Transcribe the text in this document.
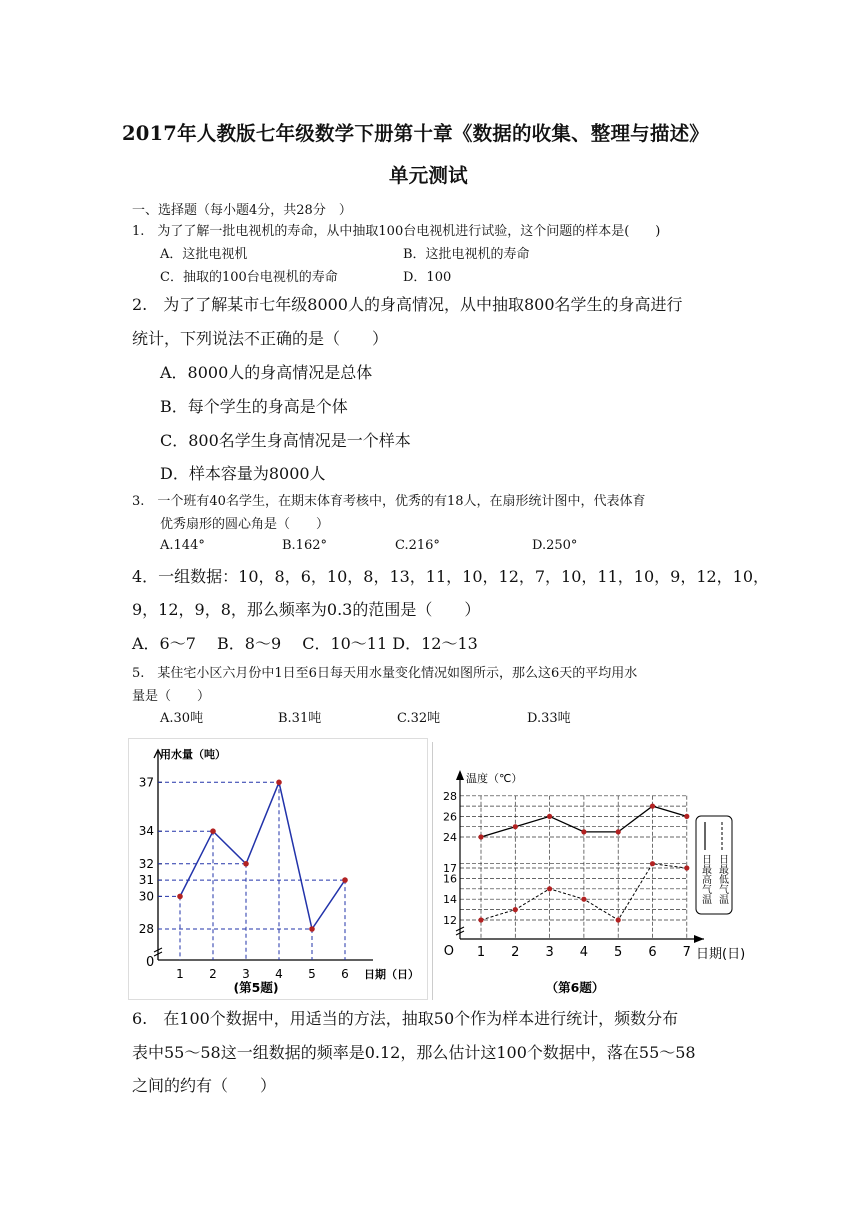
2017年人教版七年级数学下册第十章《数据的收集、整理与描述》
单元测试
一、选择题（每小题4分，共28分　）
1.　为了了解一批电视机的寿命，从中抽取100台电视机进行试验，这个问题的样本是(　　)
A．这批电视机	B．这批电视机的寿命
C．抽取的100台电视机的寿命	D．100
2.　为了了解某市七年级8000人的身高情况，从中抽取800名学生的身高进行
统计，下列说法不正确的是（　　）
A．8000人的身高情况是总体
B．每个学生的身高是个体
C．800名学生身高情况是一个样本
D．样本容量为8000人
3.　一个班有40名学生，在期末体育考核中，优秀的有18人，在扇形统计图中，代表体育
优秀扇形的圆心角是（　　）
A.144°	B.162°	C.216°	D.250°
4．一组数据：10，8，6，10，8，13，11，10，12，7，10，11，10，9，12，10，
9，12，9，8，那么频率为0.3的范围是（　　）
A．6～7　 B．8～9　 C．10～11 D．12～13
5.　某住宅小区六月份中1日至6日每天用水量变化情况如图所示，那么这6天的平均用水
量是（　　）
A.30吨	B.31吨	C.32吨	D.33吨
用水量（吨）
0
28
30
31
32
34
37
1 2 3 4 5 6 日期（日）
(第5题)
温度（℃）
O
12
14
16
17
24
26
28
1 2 3 4 5 6 7 日期(日)
日最高气温 日最低气温
（第6题）
6.　在100个数据中，用适当的方法，抽取50个作为样本进行统计，频数分布
表中55～58这一组数据的频率是0.12，那么估计这100个数据中，落在55～58
之间的约有（　　）
